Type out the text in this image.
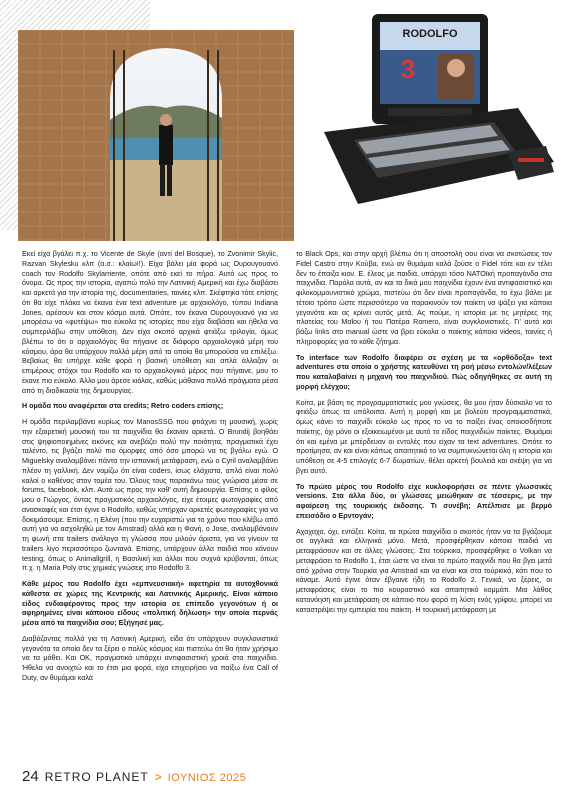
RODOLFO
3

Εκεί είχα βγάλει π.χ. το Vicente de Skyle (αντί del Bosque), το Zvonimir Skylic, Razvan Skylesku κλπ (α.σ.: κλαίω!!). Είχα βάλει μία φορά ως Ουρουγουανό coach τον Rodolfo Skylarriente, οπότε από εκεί το πήρα. Αυτό ως προς το όνομα. Ως προς την ιστορία, αγαπώ πολύ την Λατινική Αμερική και έχω διαβάσει και αρκετά για την ιστορία της, documentaries, ταινίες κλπ. Σκέφτηκα τότε επίσης ότι θα είχε πλάκα να έκανα ένα text adventure με αρχαιολόγο, τύπου Indiana Jones, αρέσουν και στον κόσμο αυτά. Οπότε, τον έκανα Ουρουγουανό για να μπορέσω να «φυτέψω» πιο εύκολα τις ιστορίες που είχα διαβάσει και ήθελα να συμπεριλάβω στην υπόθεση. Δεν είχα σκοπό αρχικά φτιάξω τριλογία, όμως βλέπω το ότι ο αρχαιολόγος θα πήγαινε σε διάφορα αρχαιολογικά μέρη του κόσμου, άρα θα υπάρχουν πολλά μέρη από τα οποία θα μπορούσα να επιλέξω. Βεβαίως θα υπήρχε κάθε φορά η βασική υπόθεση και απλά άλλαζαν οι επιμέρους στόχοι του Rodolfo και το αρχαιολογικό μέρος που πήγαινε, μου το έκανε πιο εύκολο. Άλλο μου άρεσε κιόλας, καθώς μάθαινα πολλά πράγματα μέσα από τη διαδικασία της δημιουργίας.

Η ομάδα που αναφέρεται στα credits; Retro coders επίσης;

Η ομάδα περιλαμβάνει κυρίως τον ManosSSG που φτιάχνει τη μουσική, χωρίς την εξαιρετική μουσική του τα παιχνίδια θα έκαναν αρκετά. Ο Brundij βοηθάει στις ψηφιοποιημένες εικόνες και ανεβάζει πολύ την ποιότητα, πραγματικά έχει ταλέντο, τις βγάζει πολύ πιο όμορφες από όσο μπορώ να τις βγάλω εγώ. Ο Miguelsky αναλαμβάνει πάντα την ισπανική μετάφραση, ενώ ο Cyril αναλαμβάνει πλέον τη γαλλική. Δεν νομίζω ότι είναι coders, ίσως ελάχιστα, απλά είναι πολύ καλοί ο καθένας στον τομέα του. Όλους τους παρακάνω τους γνώρισα μέσα σε forums, facebook, κλπ. Αυτά ως προς την καθ' αυτή δημιουργία. Επίσης ο φίλος μου ο Γιώργος, όντας πραγματικός αρχαιολόγος, είχε έτοιμες φωτογραφίες από ανασκαφές και έτσι έγινε ο Rodolfo, καθώς υπήρχαν αρκετές φωτογραφίες για να δοκιμάσουμε. Επίσης, η Ελένη (που την ευχαριστώ για το χρόνο που κλέβω από αυτή για να ασχοληθώ με τον Amstrad) αλλά και η Φανή, ο Jose, αναλαμβάνουν τη φωνή στα trailers ανάλογα τη γλώσσα που μιλούν άριστα, για να γίνουν τα trailers λίγο περισσότερο ζωντανά. Επίσης, υπάρχουν άλλα παιδιά που κάνουν testing, όπως ο Animallgrill, η Βασιλική και άλλοι που συχνά κρύβονται, όπως π.χ. η Maria Poly στις χημικές γνώσεις στο Rodolfo 3.

Κάθε μέρος του Rodolfo έχει «εμπνευσιακή» αφετηρία τα αυτοχθονικά κάθεστα σε χώρες της Κεντρικής και Λατινικής Αμερικής. Είναι κάποιο είδος ενδιαφέροντος προς την ιστορία σε επίπεδο γεγονότων ή οι αφηρημένες είναι κάποιου είδους «πολιτική δήλωση» την οποία περνάς μέσα από τα παιχνίδια σου; Εξήγησέ μας.

Διαβάζοντας πολλά για τη Λατινική Αμερική, είδα ότι υπάρχουν συγκλονιστικά γεγονότα τα οποία δεν τα ξέρει ο πολύς κόσμος και πιστεύω ότι θα ήταν χρήσιμο να τα μάθει. Και ΟΚ, πραγματικά υπάρχει αντιφασιστική χροιά στα παιχνίδια. Ήθελα να ανοιχτώ και το έτσι μια φορά, είχα επιχειρήσει να παίξω ένα Call of Duty, αν θυμάμαι καλά

το Black Ops, και στην αρχή βλέπω ότι η αποστολή σου είναι να σκοτώσεις τον Fidel Castro στην Κούβα, ενώ αν θυμάμαι καλά ζούσε ο Fidel τότε και εν τέλει δεν το έπαιξα κιον. Ε. έλεος με παιδιά, υπάρχει τόσο NATOϊκή προπαγάνδα στα παιχνίδια. Παρόλα αυτά, αν και τα δικά μου παιχνίδια έχουν ένα αντιφασιστικό και φιλοκομμουνιστικό χρώμα, πιστεύω ότι δεν είναι προπαγάνδα, το έχω βάλει με τέτοιο τρόπο ώστε περισσότερο να παρακινούν τον παίκτη να ψάξει για κάποια γεγονότα και ας κρίνει αυτός μετά. Ας πούμε, η ιστορία με τις μητέρες της πλατείας του Μαΐου ή του Πατέρα Romero, είναι συγκλονιστικές. Γι' αυτό και βάζω links στο manual ώστε να βρει εύκολα ο παίκτης κάποια videos, ταινίες ή πληροφορίες για το κάθε ζήτημα.

Το interface των Rodolfo διαφέρει σε σχέση με τα «ορθόδοξα» text adventures στα οποία ο χρήστης κατευθύνει τη ροή μέσω εντολών/λέξεων που καταλαβαίνει η μηχανή του παιχνιδιού. Πώς οδηγήθηκες σε αυτή τη μορφή ελέγχου;

Κοίτα, με βάση τις προγραμματιστικές μου γνώσεις, θα μου ήταν δύσκολο να το φτιάξω όπως τα υπόλοιπα. Αυτή η μορφή και με βολεύει προγραμματιστικά, όμως κάνει το παιχνίδι εύκολο ως προς το να το παίξει ένας οποιοσδήποτε παίκτης, όχι μόνο οι εξοικειωμένοι με αυτό το είδος παιχνιδιών παίκτες. Θυμάμαι ότι και εμένα με μπέρδευαν οι εντολές που είχαν τα text adventures. Οπότε το προτίμησα, αν και είναι κάπως απαιτητικό το να συμπυκνώνεται όλη η ιστορία και υπόθεση σε 4-5 επιλογές 6-7 δωματίων, θέλει αρκετή βουλειά και σκέψη για να βγει αυτό.

Το πρώτο μέρος του Rodolfo είχε κυκλοφορήσει σε πέντε γλωσσικές versions. Στα άλλα δύο, οι γλώσσες μειώθηκαν σε τέσσερις, με την αφαίρεση της τουρκικής έκδοσης. Τι συνέβη; Απέλπισε με βερμό επεισόδιο ο Ερντογάν;

Αχαχαχα, όχι, εντάξει. Κοίτα, τα πρώτα παιχνίδια ο σκοπός ήταν να τα βγάζουμε σε αγγλικά και ελληνικά μόνο. Μετά, προσφέρθηκαν κάποια παιδιά να μεταφράσουν και σε άλλες γλώσσες. Στα τούρκικα, προσφέρθηκε ο Volkan να μεταφράσει το Rodolfo 1, έτσι ώστε να είναι το πρώτο παιχνίδι που θα βγει μετά από χρόνια στην Τουρκία για Amstrad και να είναι και στα τούρκικά, κάτι που το κάναμε. Αυτό έγινε όταν έβγαινε ήδη το Rodolfo 2. Γενικά, να ξέρεις, οι μεταφράσεις είναι το πιο κουραστικό και απαιτητικό κομμάτι. Μια λάθος κατανόηση και μετάφραση σε κάποιο που φορά τη λύση ενός γρίφου, μπορεί να καταστρέψει την εμπειρία του παίκτη. Η τουρκική μετάφραση με

24 RETRO PLANET > ΙΟΥΝΙΟΣ 2025
